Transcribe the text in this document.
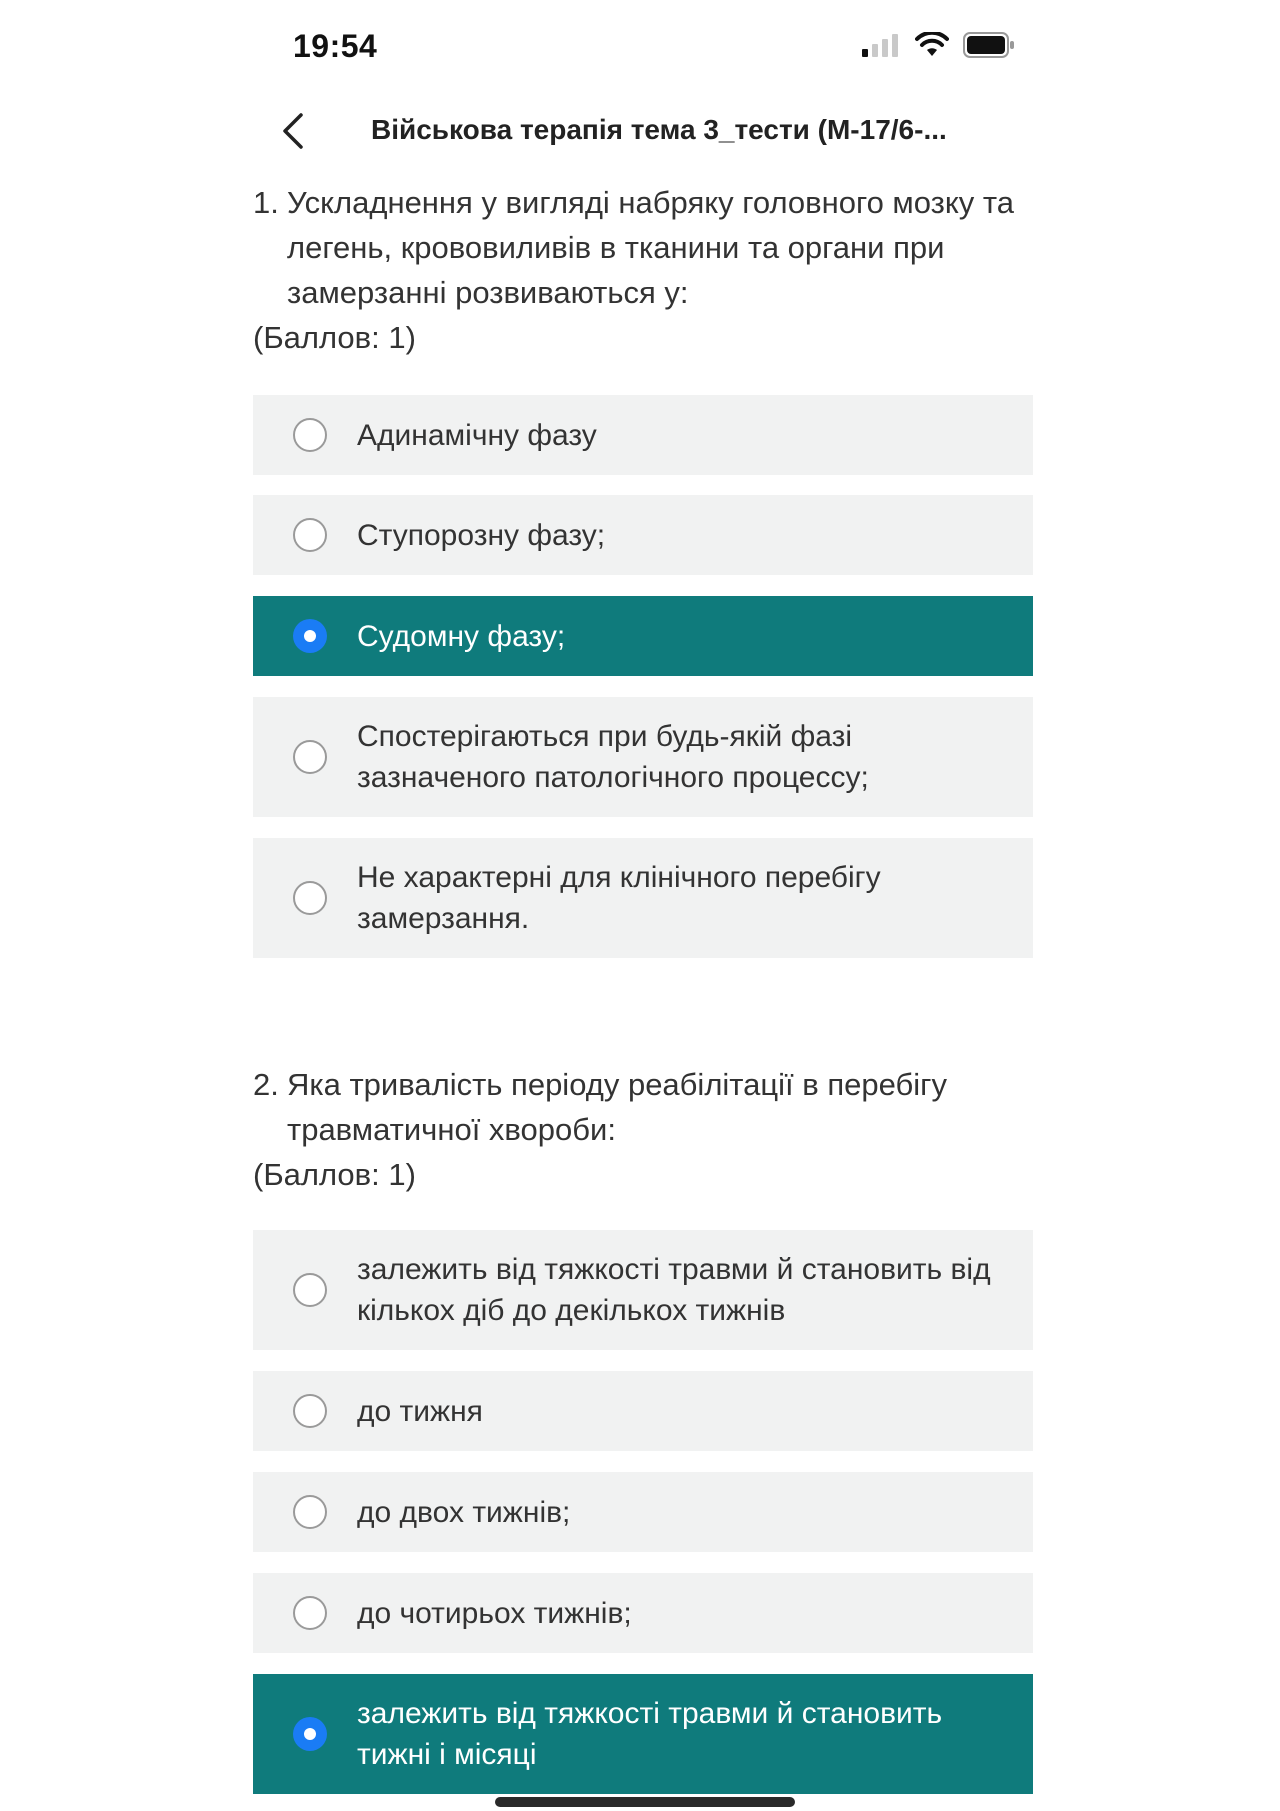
19:54
Військова терапія тема 3_тести (М-17/6-...
1. Ускладнення у вигляді набряку головного мозку та легень, крововиливів в тканини та органи при замерзанні розвиваються у:
(Баллов: 1)
Адинамічну фазу
Ступорозну фазу;
Судомну фазу;
Спостерігаються при будь-якій фазі зазначеного патологічного процессу;
Не характерні для клінічного перебігу замерзання.
2. Яка тривалість періоду реабілітації в перебігу травматичної хвороби:
(Баллов: 1)
залежить від тяжкості травми й становить від кількох діб до декількох тижнів
до тижня
до двох тижнів;
до чотирьох тижнів;
залежить від тяжкості травми й становить тижні і місяці
